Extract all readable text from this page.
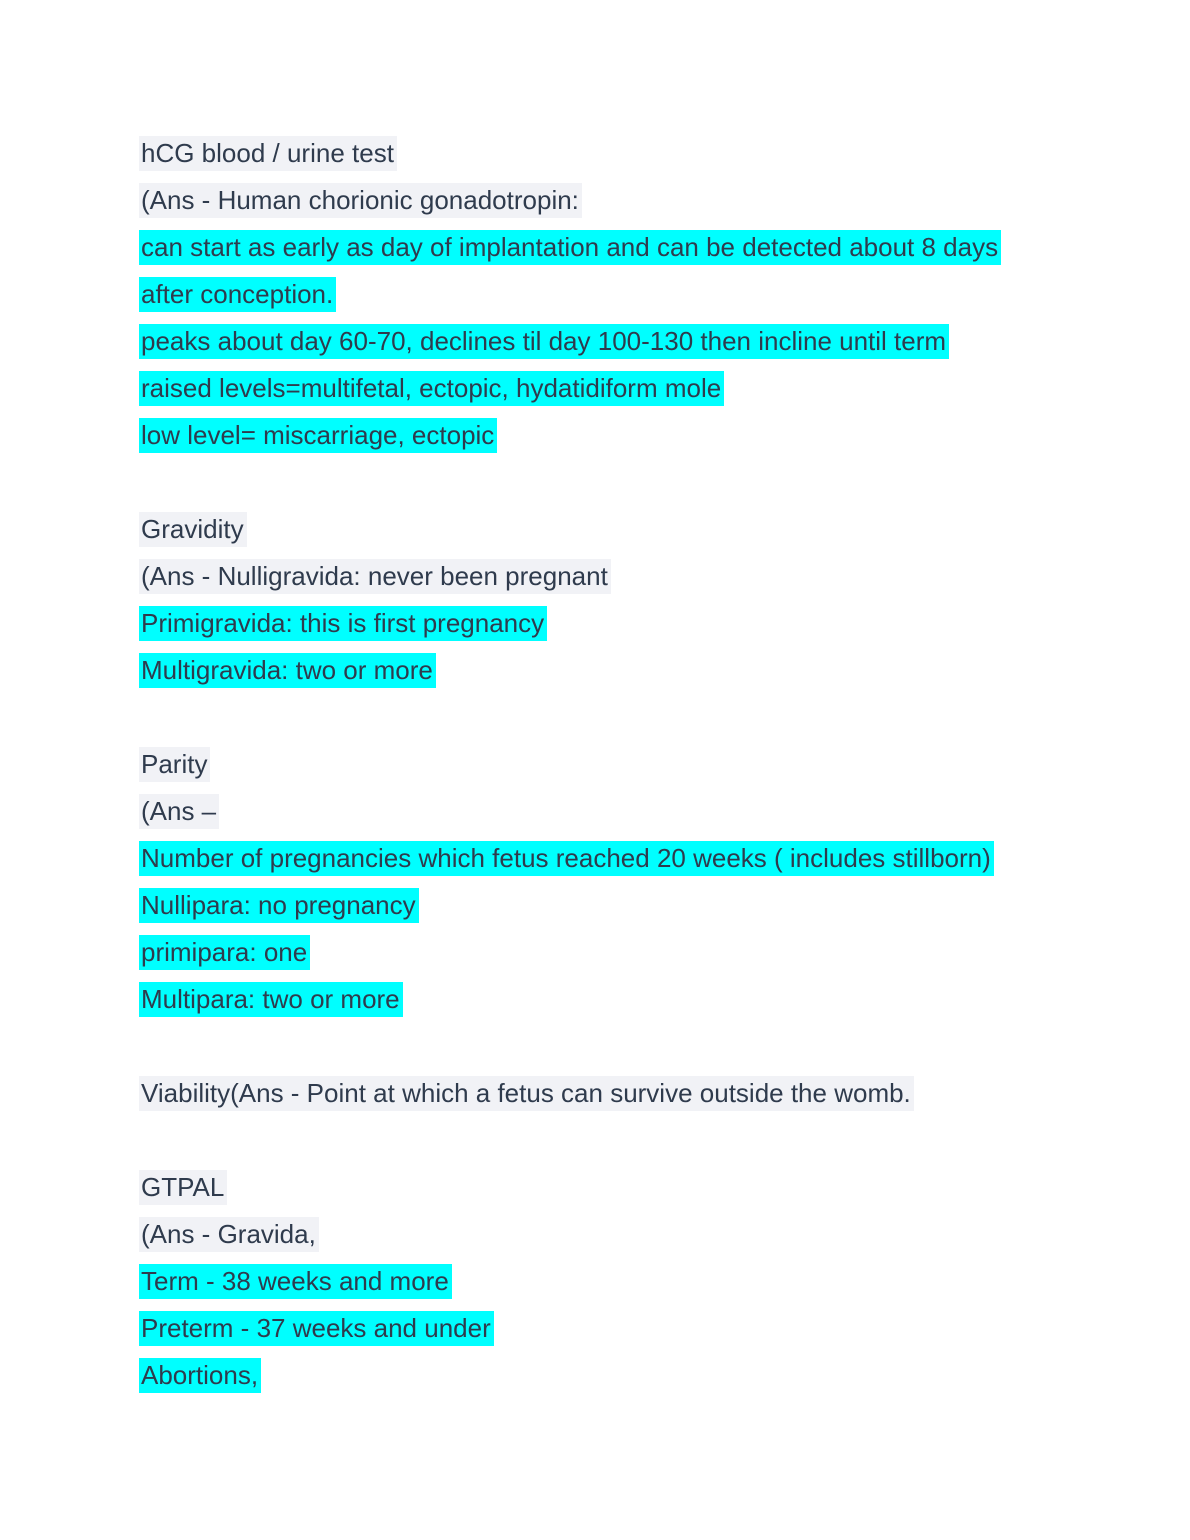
hCG blood / urine test
(Ans - Human chorionic gonadotropin:
can start as early as day of implantation and can be detected about 8 days
after conception.
peaks about day 60-70, declines til day 100-130 then incline until term
raised levels=multifetal, ectopic, hydatidiform mole
low level= miscarriage, ectopic

Gravidity
(Ans - Nulligravida: never been pregnant
Primigravida: this is first pregnancy
Multigravida: two or more

Parity
(Ans –
Number of pregnancies which fetus reached 20 weeks ( includes stillborn)
Nullipara: no pregnancy
primipara: one
Multipara: two or more

Viability(Ans - Point at which a fetus can survive outside the womb.

GTPAL
(Ans - Gravida,
Term - 38 weeks and more
Preterm - 37 weeks and under
Abortions,
